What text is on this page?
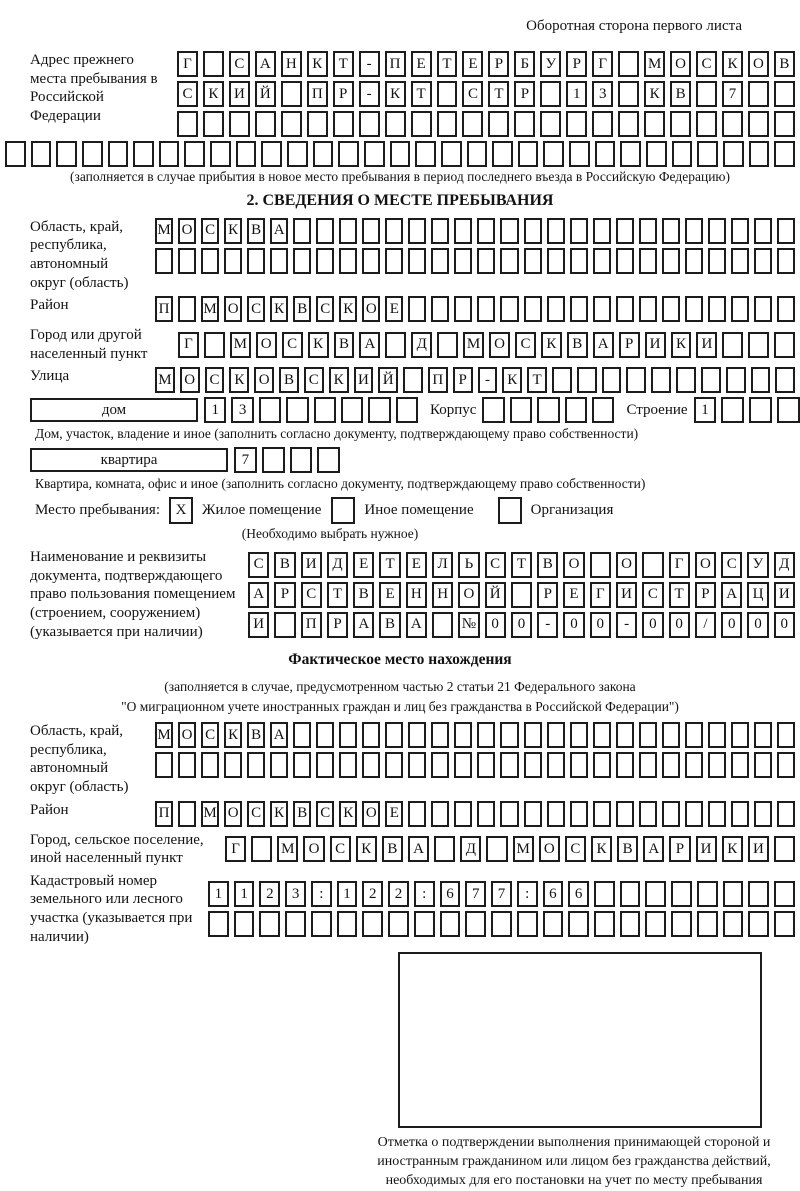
Оборотная сторона первого листа
Адрес прежнего места пребывания в Российской Федерации
Г	С	А	Н	К	Т	-	П	Е	Т	Е	Р	Б	У	Р	Г	М О	С	К	О	В
С	К	И	Й	П	Р	-	К	Т	С	Т	Р	1	3	К	В	7
(заполняется в случае прибытия в новое место пребывания в период последнего въезда в Российскую Федерацию)
2. СВЕДЕНИЯ О МЕСТЕ ПРЕБЫВАНИЯ
Область, край, республика, автономный округ (область)
М О С К В А
Район	П М О С К В С К О Е
Город или другой населенный пункт
Г	М О	С	К	В	А	Д	М О	С	К	В	А	Р	И	К	И
Улица	М О С К О В С К И Й	П	Р	-	К	Т
дом	1	3	Корпус	Строение 1
Дом, участок, владение и иное (заполнить согласно документу, подтверждающему право собственности)
квартира	7
Квартира, комната, офис и иное (заполнить согласно документу, подтверждающему право собственности)
Место пребывания:	X	Жилое помещение	Иное помещение	Организация
(Необходимо выбрать нужное)
Наименование и реквизиты документа, подтверждающего право пользования помещением (строением, сооружением) (указывается при наличии)
С	В	И	Д	Е	Т	Е	Л	Ь	С	Т	В	О	О	Г	О	С	У	Д
А	Р	С	Т	В	Е	Н	Н	О	Й	Р	Е	Г	И	С	Т	Р	А	Ц	И
И	П	Р	А	В	А	№	0	0	-	0	0	-	0	0	/	0	0	0
Фактическое место нахождения
(заполняется в случае, предусмотренном частью 2 статьи 21 Федерального закона
"О миграционном учете иностранных граждан и лиц без гражданства в Российской Федерации")
Область, край, республика, автономный округ (область)
М О С К В А
Район	П М О С К В С К О Е
Город, сельское поселение, иной населенный пункт
Г	М О	С	К	В	А	Д	М О	С	К	В	А	Р	И	К	И
Кадастровый номер земельного или лесного участка (указывается при наличии)
1	1	2	3	:	1	2	2	:	6	7	7	:	6	6
Отметка о подтверждении выполнения принимающей стороной и иностранным гражданином или лицом без гражданства действий, необходимых для его постановки на учет по месту пребывания
